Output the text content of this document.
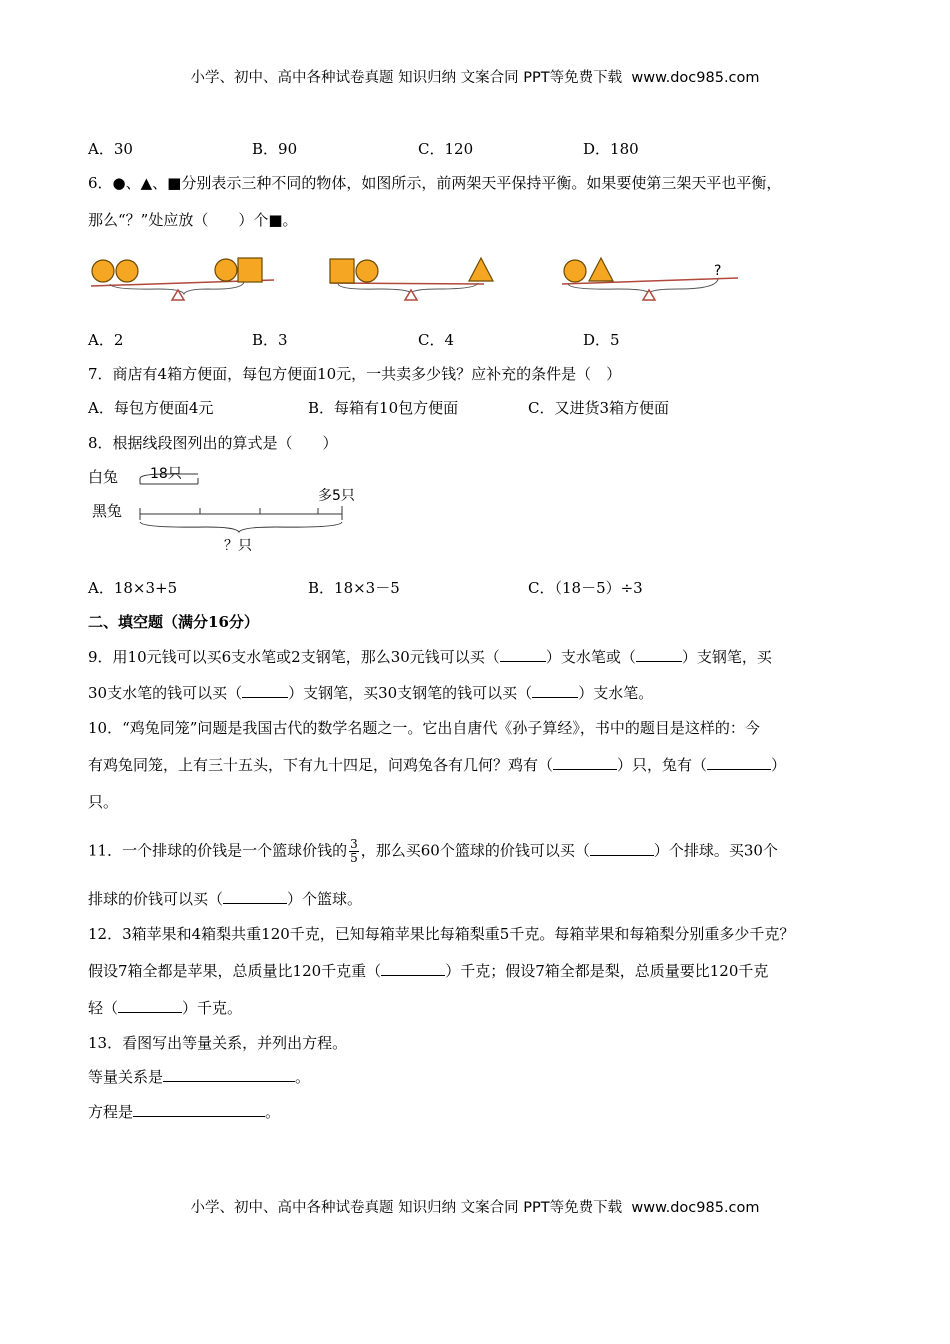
小学、初中、高中各种试卷真题 知识归纳 文案合同 PPT等免费下载 www.doc985.com
A．30	B．90	C．120	D．180
6．●、▲、■分别表示三种不同的物体，如图所示，前两架天平保持平衡。如果要使第三架天平也平衡，
那么“？”处应放（　　）个■。
?
A．2	B．3	C．4	D．5
7．商店有4箱方便面，每包方便面10元，一共卖多少钱？应补充的条件是（　）
A．每包方便面4元	B．每箱有10包方便面	C．又进货3箱方便面
8．根据线段图列出的算式是（　　）
白兔 18只
多5只
黑兔
？只
A．18×3+5	B．18×3－5	C．（18－5）÷3
二、填空题（满分16分）
9．用10元钱可以买6支水笔或2支钢笔，那么30元钱可以买（	）支水笔或（	）支钢笔，买
30支水笔的钱可以买（	）支钢笔，买30支钢笔的钱可以买（	）支水笔。
10．“鸡兔同笼”问题是我国古代的数学名题之一。它出自唐代《孙子算经》，书中的题目是这样的：今
有鸡兔同笼，上有三十五头，下有九十四足，问鸡兔各有几何？鸡有（	）只，兔有（	）
只。
11．一个排球的价钱是一个篮球价钱的 $\frac{3}{5}$ ，那么买60个篮球的价钱可以买（	）个排球。买30个
排球的价钱可以买（	）个篮球。
12．3箱苹果和4箱梨共重120千克，已知每箱苹果比每箱梨重5千克。每箱苹果和每箱梨分别重多少千克？
假设7箱全都是苹果，总质量比120千克重（	）千克；假设7箱全都是梨，总质量要比120千克
轻（	）千克。
13．看图写出等量关系，并列出方程。
等量关系是	。
方程是	。
小学、初中、高中各种试卷真题 知识归纳 文案合同 PPT等免费下载 www.doc985.com
